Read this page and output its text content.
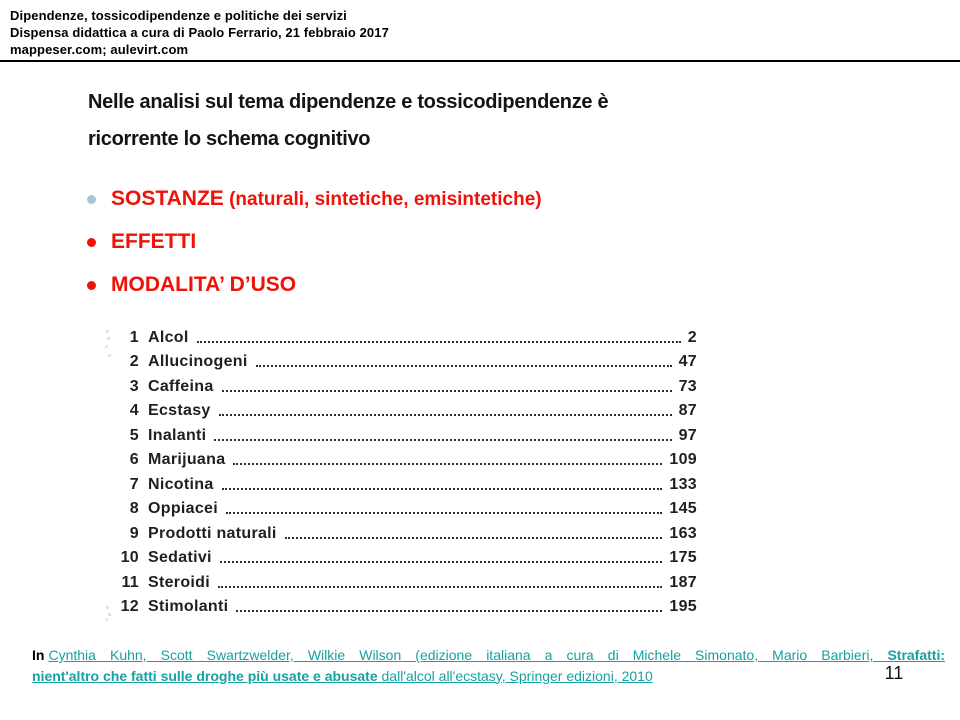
Dipendenze, tossicodipendenze e politiche dei servizi
Dispensa didattica a cura di Paolo Ferrario, 21 febbraio 2017
mappeser.com; aulevirt.com
Nelle analisi sul tema dipendenze e tossicodipendenze è
ricorrente lo schema cognitivo
SOSTANZE (naturali, sintetiche, emisintetiche)
EFFETTI
MODALITA’ D’USO
1 Alcol	2
2 Allucinogeni	47
3 Caffeina	73
4 Ecstasy	87
5 Inalanti	97
6 Marijuana	109
7 Nicotina	133
8 Oppiacei	145
9 Prodotti naturali	163
10 Sedativi	175
11 Steroidi	187
12 Stimolanti	195
In Cynthia Kuhn, Scott Swartzwelder, Wilkie Wilson (edizione italiana a cura di Michele Simonato, Mario Barbieri, Strafatti:
nient'altro che fatti sulle droghe più usate e abusate dall'alcol all'ecstasy, Springer edizioni, 2010	11
